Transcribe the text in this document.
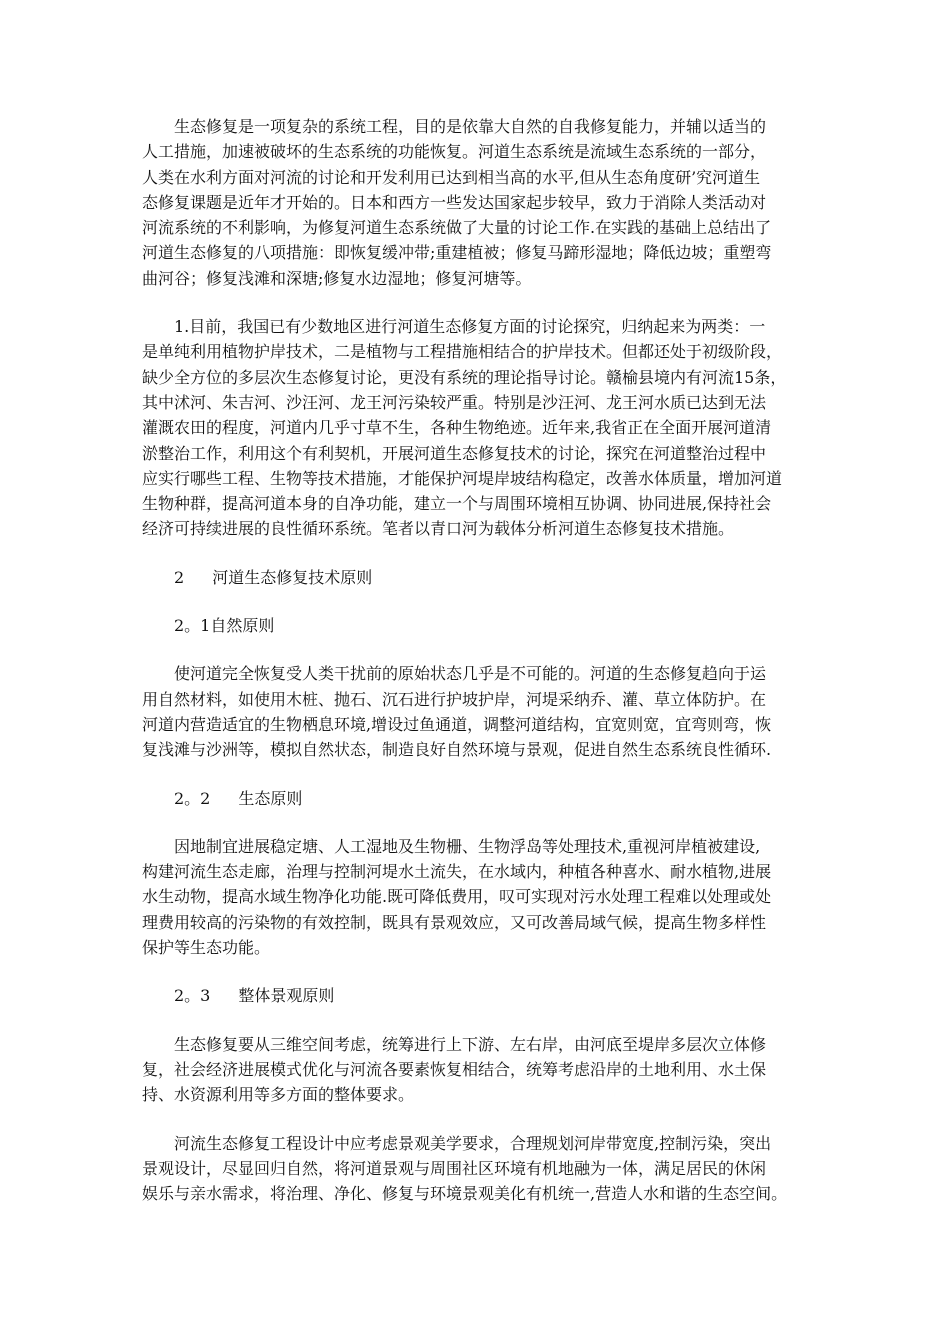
生态修复是一项复杂的系统工程，目的是依靠大自然的自我修复能力，并辅以适当的
人工措施，加速被破坏的生态系统的功能恢复。河道生态系统是流域生态系统的一部分，
人类在水利方面对河流的讨论和开发利用已达到相当高的水平,但从生态角度研’究河道生
态修复课题是近年才开始的。日本和西方一些发达国家起步较早，致力于消除人类活动对
河流系统的不利影响，为修复河道生态系统做了大量的讨论工作.在实践的基础上总结出了
河道生态修复的八项措施：即恢复缓冲带;重建植被；修复马蹄形湿地；降低边坡；重塑弯
曲河谷；修复浅滩和深塘;修复水边湿地；修复河塘等。
1.目前，我国已有少数地区进行河道生态修复方面的讨论探究，归纳起来为两类：一
是单纯利用植物护岸技术，二是植物与工程措施相结合的护岸技术。但都还处于初级阶段，
缺少全方位的多层次生态修复讨论，更没有系统的理论指导讨论。赣榆县境内有河流15条，
其中沭河、朱吉河、沙汪河、龙王河污染较严重。特别是沙汪河、龙王河水质已达到无法
灌溉农田的程度，河道内几乎寸草不生，各种生物绝迹。近年来,我省正在全面开展河道清
淤整治工作，利用这个有利契机，开展河道生态修复技术的讨论，探究在河道整治过程中
应实行哪些工程、生物等技术措施，才能保护河堤岸坡结构稳定，改善水体质量，增加河道
生物种群，提高河道本身的自净功能，建立一个与周围环境相互协调、协同进展,保持社会
经济可持续进展的良性循环系统。笔者以青口河为载体分析河道生态修复技术措施。
2 河道生态修复技术原则
2。1自然原则
使河道完全恢复受人类干扰前的原始状态几乎是不可能的。河道的生态修复趋向于运
用自然材料，如使用木桩、抛石、沉石进行护坡护岸，河堤采纳乔、灌、草立体防护。在
河道内营造适宜的生物栖息环境,增设过鱼通道，调整河道结构，宜宽则宽，宜弯则弯，恢
复浅滩与沙洲等，模拟自然状态，制造良好自然环境与景观，促进自然生态系统良性循环.
2。2 生态原则
因地制宜进展稳定塘、人工湿地及生物栅、生物浮岛等处理技术,重视河岸植被建设,
构建河流生态走廊，治理与控制河堤水土流失，在水域内，种植各种喜水、耐水植物,进展
水生动物，提高水域生物净化功能.既可降低费用，叹可实现对污水处理工程难以处理或处
理费用较高的污染物的有效控制，既具有景观效应，又可改善局域气候，提高生物多样性
保护等生态功能。
2。3 整体景观原则
生态修复要从三维空间考虑，统筹进行上下游、左右岸，由河底至堤岸多层次立体修
复，社会经济进展模式优化与河流各要素恢复相结合，统筹考虑沿岸的土地利用、水土保
持、水资源利用等多方面的整体要求。
河流生态修复工程设计中应考虑景观美学要求，合理规划河岸带宽度,控制污染，突出
景观设计，尽显回归自然，将河道景观与周围社区环境有机地融为一体，满足居民的休闲
娱乐与亲水需求，将治理、净化、修复与环境景观美化有机统一,营造人水和谐的生态空间。
